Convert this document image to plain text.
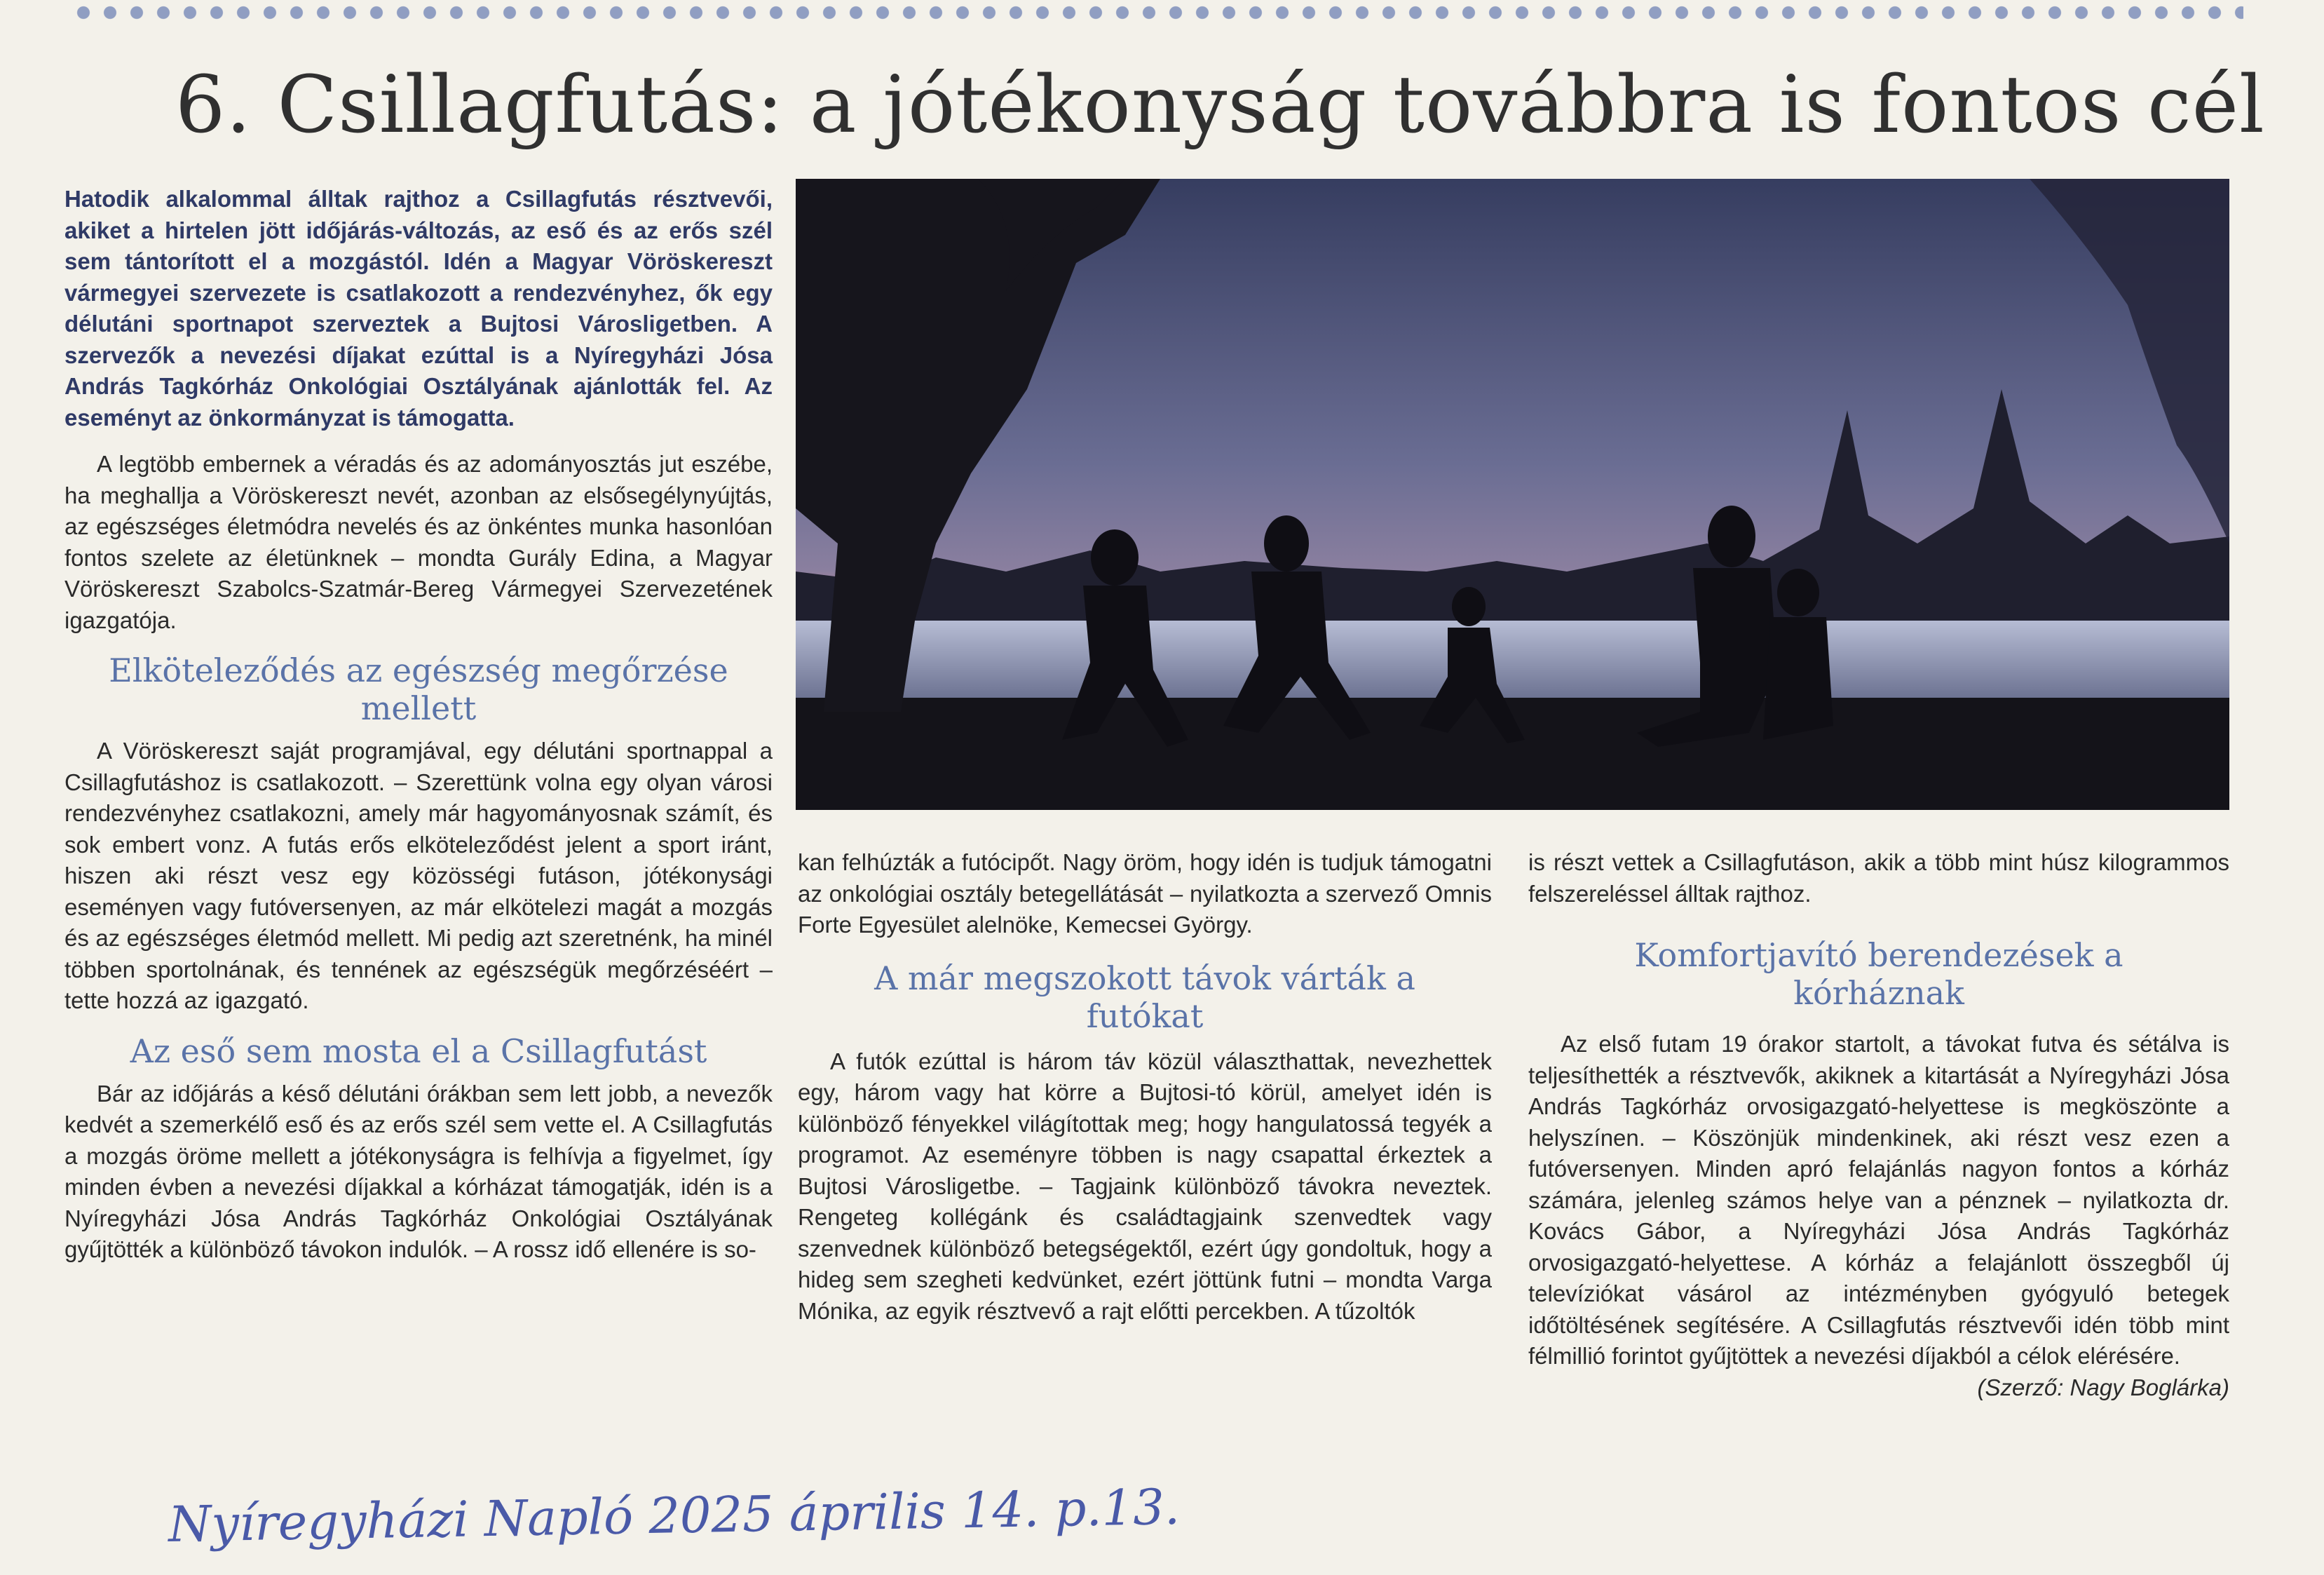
6. Csillagfutás: a jótékonyság továbbra is fontos cél

Hatodik alkalommal álltak rajthoz a Csillagfutás résztvevői, akiket a hirtelen jött időjárás-változás, az eső és az erős szél sem tántorított el a mozgástól. Idén a Magyar Vöröskereszt vármegyei szervezete is csatlakozott a rendezvényhez, ők egy délutáni sportnapot szerveztek a Bujtosi Városligetben. A szervezők a nevezési díjakat ezúttal is a Nyíregyházi Jósa András Tagkórház Onkológiai Osztályának ajánlották fel. Az eseményt az önkormányzat is támogatta.

A legtöbb embernek a véradás és az adományosztás jut eszébe, ha meghallja a Vöröskereszt nevét, azonban az elsősegélynyújtás, az egészséges életmódra nevelés és az önkéntes munka hasonlóan fontos szelete az életünknek – mondta Gurály Edina, a Magyar Vöröskereszt Szabolcs-Szatmár-Bereg Vármegyei Szervezetének igazgatója.

Elköteleződés az egészség megőrzése mellett

A Vöröskereszt saját programjával, egy délutáni sportnappal a Csillagfutáshoz is csatlakozott. – Szerettünk volna egy olyan városi rendezvényhez csatlakozni, amely már hagyományosnak számít, és sok embert vonz. A futás erős elköteleződést jelent a sport iránt, hiszen aki részt vesz egy közösségi futáson, jótékonysági eseményen vagy futóversenyen, az már elkötelezi magát a mozgás és az egészséges életmód mellett. Mi pedig azt szeretnénk, ha minél többen sportolnának, és tennének az egészségük megőrzéséért – tette hozzá az igazgató.

Az eső sem mosta el a Csillagfutást

Bár az időjárás a késő délutáni órákban sem lett jobb, a nevezők kedvét a szemerkélő eső és az erős szél sem vette el. A Csillagfutás a mozgás öröme mellett a jótékonyságra is felhívja a figyelmet, így minden évben a nevezési díjakkal a kórházat támogatják, idén is a Nyíregyházi Jósa András Tagkórház Onkológiai Osztályának gyűjtötték a különböző távokon indulók. – A rossz idő ellenére is so-

kan felhúzták a futócipőt. Nagy öröm, hogy idén is tudjuk támogatni az onkológiai osztály betegellátását – nyilatkozta a szervező Omnis Forte Egyesület alelnöke, Kemecsei György.

A már megszokott távok várták a futókat

A futók ezúttal is három táv közül választhattak, nevezhettek egy, három vagy hat körre a Bujtosi-tó körül, amelyet idén is különböző fényekkel világítottak meg; hogy hangulatossá tegyék a programot. Az eseményre többen is nagy csapattal érkeztek a Bujtosi Városligetbe. – Tagjaink különböző távokra neveztek. Rengeteg kollégánk és családtagjaink szenvedtek vagy szenvednek különböző betegségektől, ezért úgy gondoltuk, hogy a hideg sem szegheti kedvünket, ezért jöttünk futni – mondta Varga Mónika, az egyik résztvevő a rajt előtti percekben. A tűzoltók

is részt vettek a Csillagfutáson, akik a több mint húsz kilogrammos felszereléssel álltak rajthoz.

Komfortjavító berendezések a kórháznak

Az első futam 19 órakor startolt, a távokat futva és sétálva is teljesíthették a résztvevők, akiknek a kitartását a Nyíregyházi Jósa András Tagkórház orvosigazgató-helyettese is megköszönte a helyszínen. – Köszönjük mindenkinek, aki részt vesz ezen a futóversenyen. Minden apró felajánlás nagyon fontos a kórház számára, jelenleg számos helye van a pénznek – nyilatkozta dr. Kovács Gábor, a Nyíregyházi Jósa András Tagkórház orvosigazgató-helyettese. A kórház a felajánlott összegből új televíziókat vásárol az intézményben gyógyuló betegek időtöltésének segítésére. A Csillagfutás résztvevői idén több mint félmillió forintot gyűjtöttek a nevezési díjakból a célok elérésére.

(Szerző: Nagy Boglárka)

Nyíregyházi Napló 2025 április 14. p.13.
